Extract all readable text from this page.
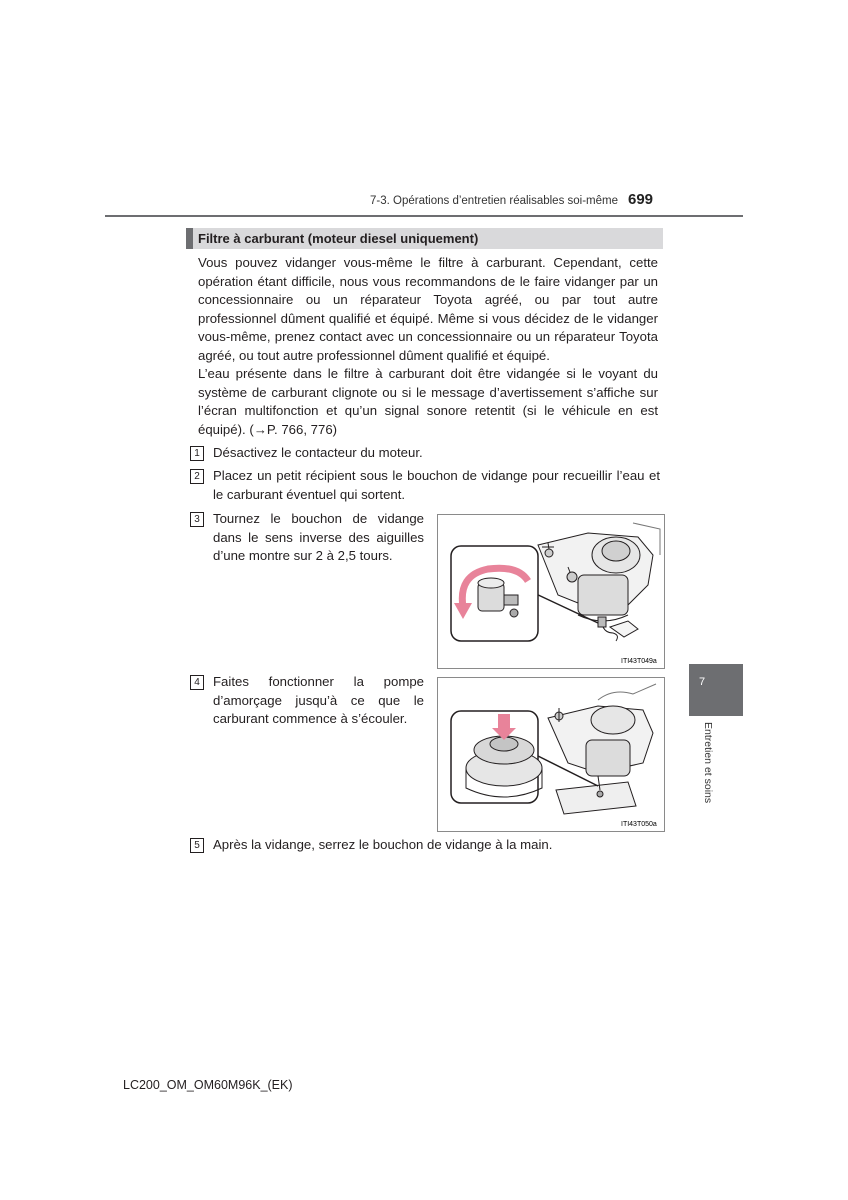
7-3. Opérations d’entretien réalisables soi-même 699
Filtre à carburant (moteur diesel uniquement)

Vous pouvez vidanger vous-même le filtre à carburant. Cependant, cette opération étant difficile, nous vous recommandons de le faire vidanger par un concessionnaire ou un réparateur Toyota agréé, ou par tout autre professionnel dûment qualifié et équipé. Même si vous décidez de le vidanger vous-même, prenez contact avec un concessionnaire ou un réparateur Toyota agréé, ou tout autre professionnel dûment qualifié et équipé.

L’eau présente dans le filtre à carburant doit être vidangée si le voyant du système de carburant clignote ou si le message d’avertissement s’affiche sur l’écran multifonction et qu’un signal sonore retentit (si le véhicule en est équipé). (→P. 766, 776)

1	Désactivez le contacteur du moteur.

2	Placez un petit récipient sous le bouchon de vidange pour recueillir l’eau et le carburant éventuel qui sortent.

3	Tournez le bouchon de vidange dans le sens inverse des aiguilles d’une montre sur 2 à 2,5 tours.

ITI43T049a
4	Faites fonctionner la pompe d’amorçage jusqu’à ce que le carburant commence à s’écouler.

ITI43T050a
5	Après la vidange, serrez le bouchon de vidange à la main.

7
Entretien et soins
LC200_OM_OM60M96K_(EK)
